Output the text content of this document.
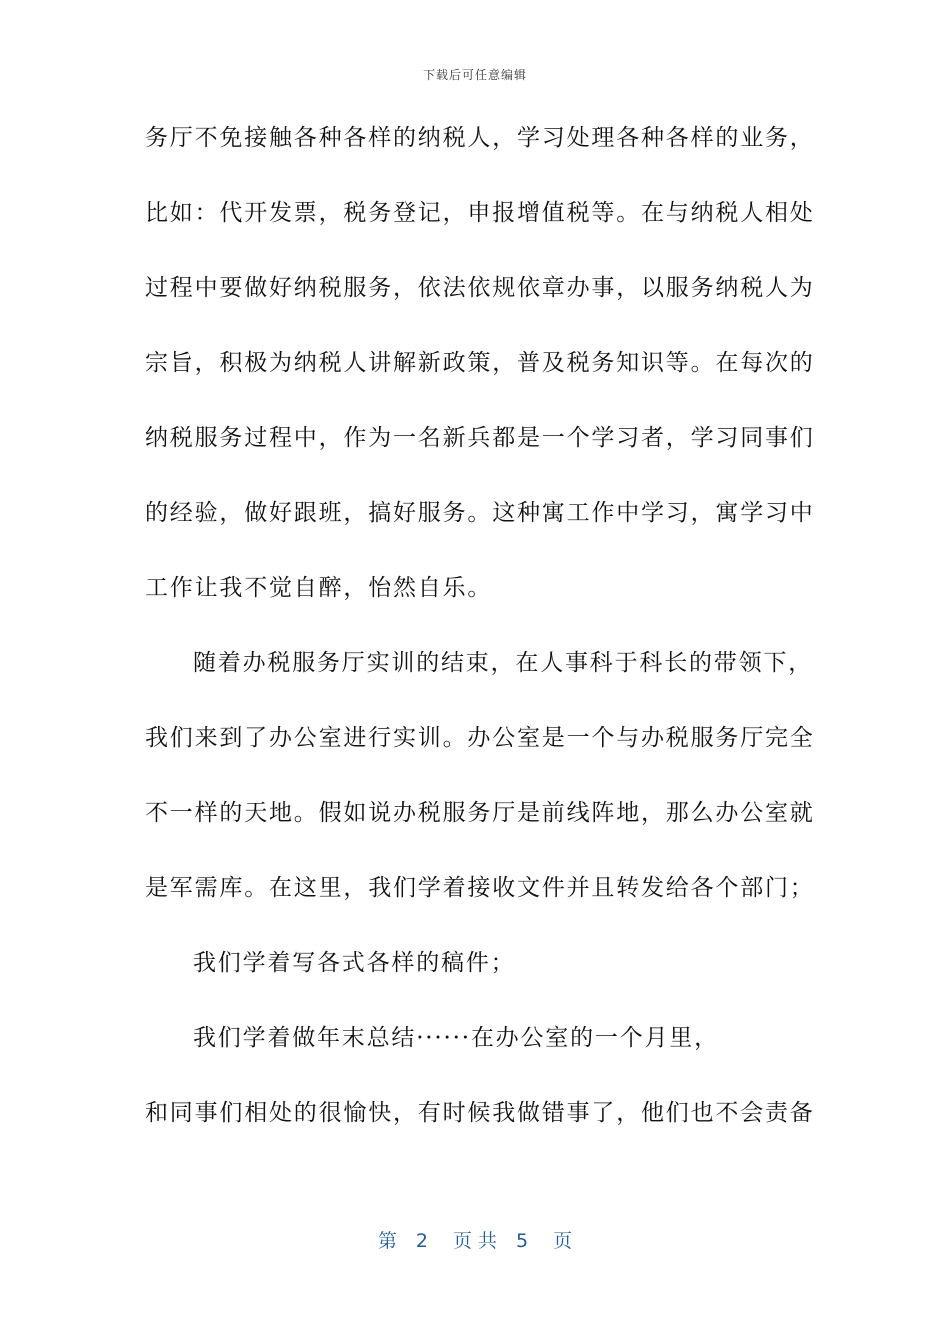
下载后可任意编辑
务厅不免接触各种各样的纳税人，学习处理各种各样的业务，
比如：代开发票，税务登记，申报增值税等。在与纳税人相处
过程中要做好纳税服务，依法依规依章办事，以服务纳税人为
宗旨，积极为纳税人讲解新政策，普及税务知识等。在每次的
纳税服务过程中，作为一名新兵都是一个学习者，学习同事们
的经验，做好跟班，搞好服务。这种寓工作中学习，寓学习中
工作让我不觉自醉，怡然自乐。
随着办税服务厅实训的结束，在人事科于科长的带领下，
我们来到了办公室进行实训。办公室是一个与办税服务厅完全
不一样的天地。假如说办税服务厅是前线阵地，那么办公室就
是军需库。在这里，我们学着接收文件并且转发给各个部门；
我们学着写各式各样的稿件；
我们学着做年末总结······在办公室的一个月里，
和同事们相处的很愉快，有时候我做错事了，他们也不会责备
第　2　 页 共　5　 页
